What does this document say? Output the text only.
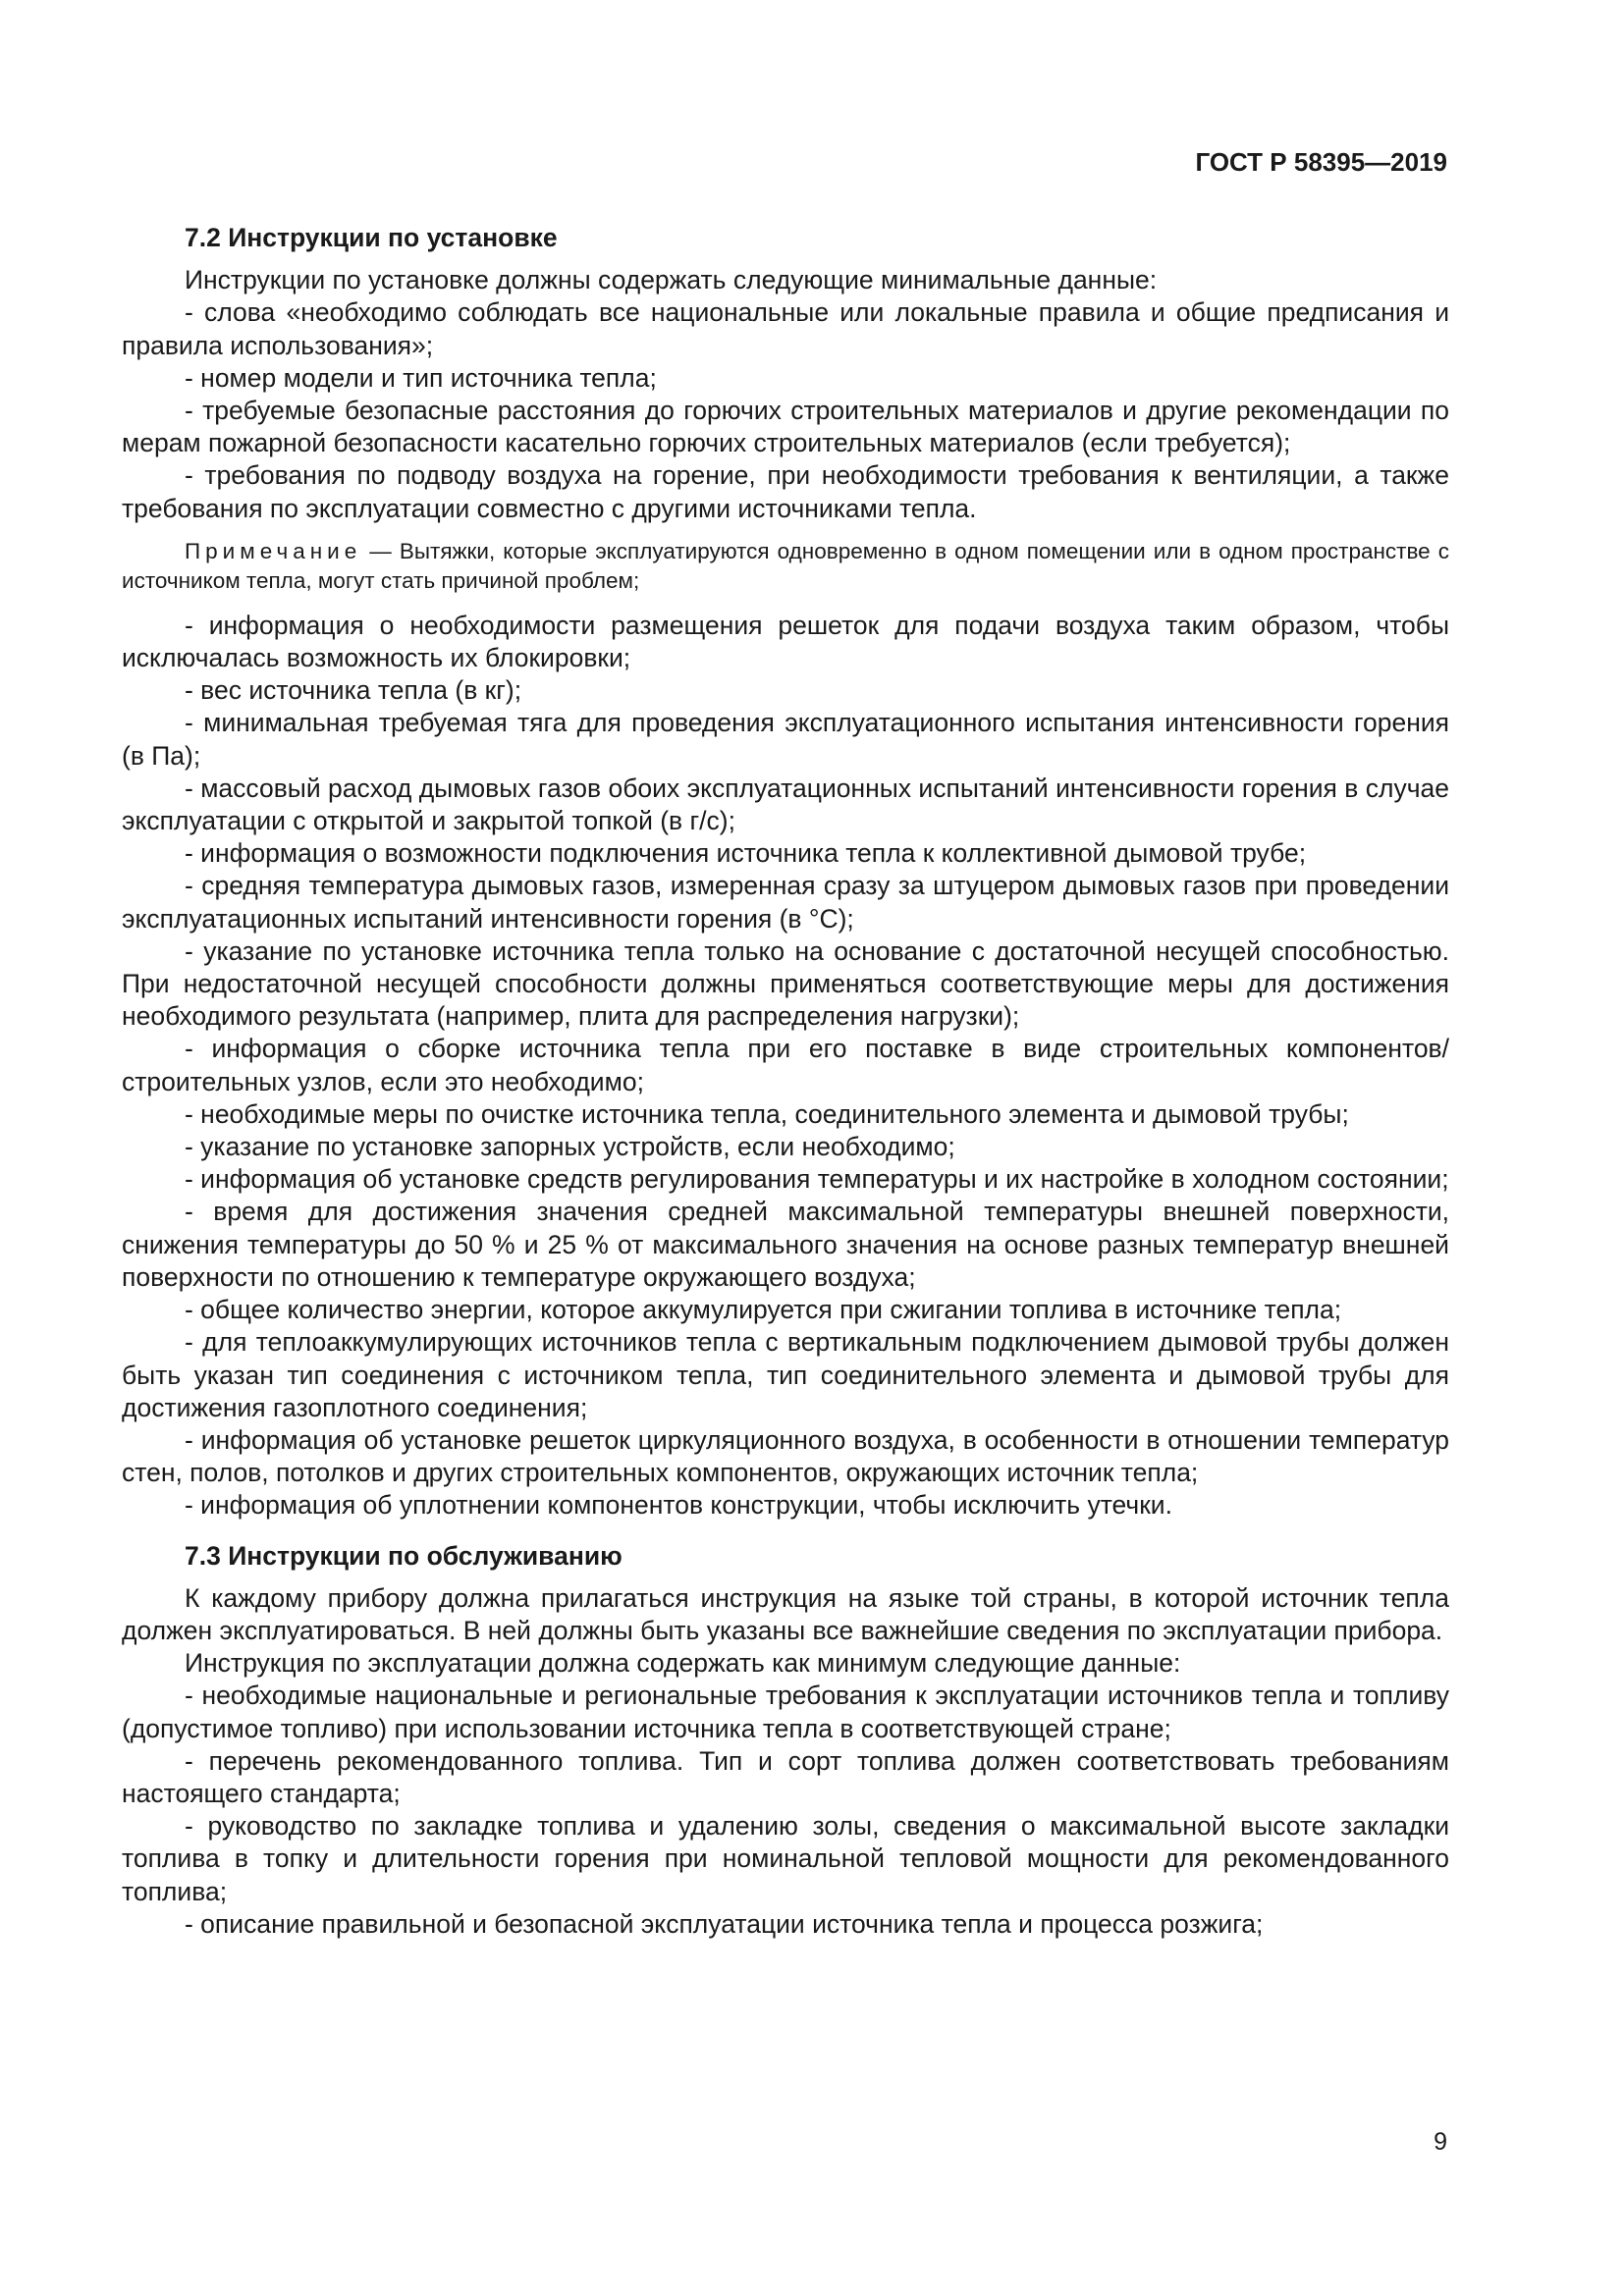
ГОСТ Р 58395—2019
7.2 Инструкции по установке

Инструкции по установке должны содержать следующие минимальные данные:

- слова «необходимо соблюдать все национальные или локальные правила и общие предписания и правила использования»;

- номер модели и тип источника тепла;

- требуемые безопасные расстояния до горючих строительных материалов и другие рекомендации по мерам пожарной безопасности касательно горючих строительных материалов (если требуется);

- требования по подводу воздуха на горение, при необходимости требования к вентиляции, а также требования по эксплуатации совместно с другими источниками тепла.

Примечание — Вытяжки, которые эксплуатируются одновременно в одном помещении или в одном пространстве с источником тепла, могут стать причиной проблем;

- информация о необходимости размещения решеток для подачи воздуха таким образом, чтобы исключалась возможность их блокировки;

- вес источника тепла (в кг);

- минимальная требуемая тяга для проведения эксплуатационного испытания интенсивности горения (в Па);

- массовый расход дымовых газов обоих эксплуатационных испытаний интенсивности горения в случае эксплуатации с открытой и закрытой топкой (в г/с);

- информация о возможности подключения источника тепла к коллективной дымовой трубе;

- средняя температура дымовых газов, измеренная сразу за штуцером дымовых газов при проведении эксплуатационных испытаний интенсивности горения (в °С);

- указание по установке источника тепла только на основание с достаточной несущей способностью. При недостаточной несущей способности должны применяться соответствующие меры для достижения необходимого результата (например, плита для распределения нагрузки);

- информация о сборке источника тепла при его поставке в виде строительных компонентов/строительных узлов, если это необходимо;

- необходимые меры по очистке источника тепла, соединительного элемента и дымовой трубы;

- указание по установке запорных устройств, если необходимо;

- информация об установке средств регулирования температуры и их настройке в холодном состоянии;

- время для достижения значения средней максимальной температуры внешней поверхности, снижения температуры до 50 % и 25 % от максимального значения на основе разных температур внешней поверхности по отношению к температуре окружающего воздуха;

- общее количество энергии, которое аккумулируется при сжигании топлива в источнике тепла;

- для теплоаккумулирующих источников тепла с вертикальным подключением дымовой трубы должен быть указан тип соединения с источником тепла, тип соединительного элемента и дымовой трубы для достижения газоплотного соединения;

- информация об установке решеток циркуляционного воздуха, в особенности в отношении температур стен, полов, потолков и других строительных компонентов, окружающих источник тепла;

- информация об уплотнении компонентов конструкции, чтобы исключить утечки.

7.3 Инструкции по обслуживанию

К каждому прибору должна прилагаться инструкция на языке той страны, в которой источник тепла должен эксплуатироваться. В ней должны быть указаны все важнейшие сведения по эксплуатации прибора.

Инструкция по эксплуатации должна содержать как минимум следующие данные:

- необходимые национальные и региональные требования к эксплуатации источников тепла и топливу (допустимое топливо) при использовании источника тепла в соответствующей стране;

- перечень рекомендованного топлива. Тип и сорт топлива должен соответствовать требованиям настоящего стандарта;

- руководство по закладке топлива и удалению золы, сведения о максимальной высоте закладки топлива в топку и длительности горения при номинальной тепловой мощности для рекомендованного топлива;

- описание правильной и безопасной эксплуатации источника тепла и процесса розжига;

9
